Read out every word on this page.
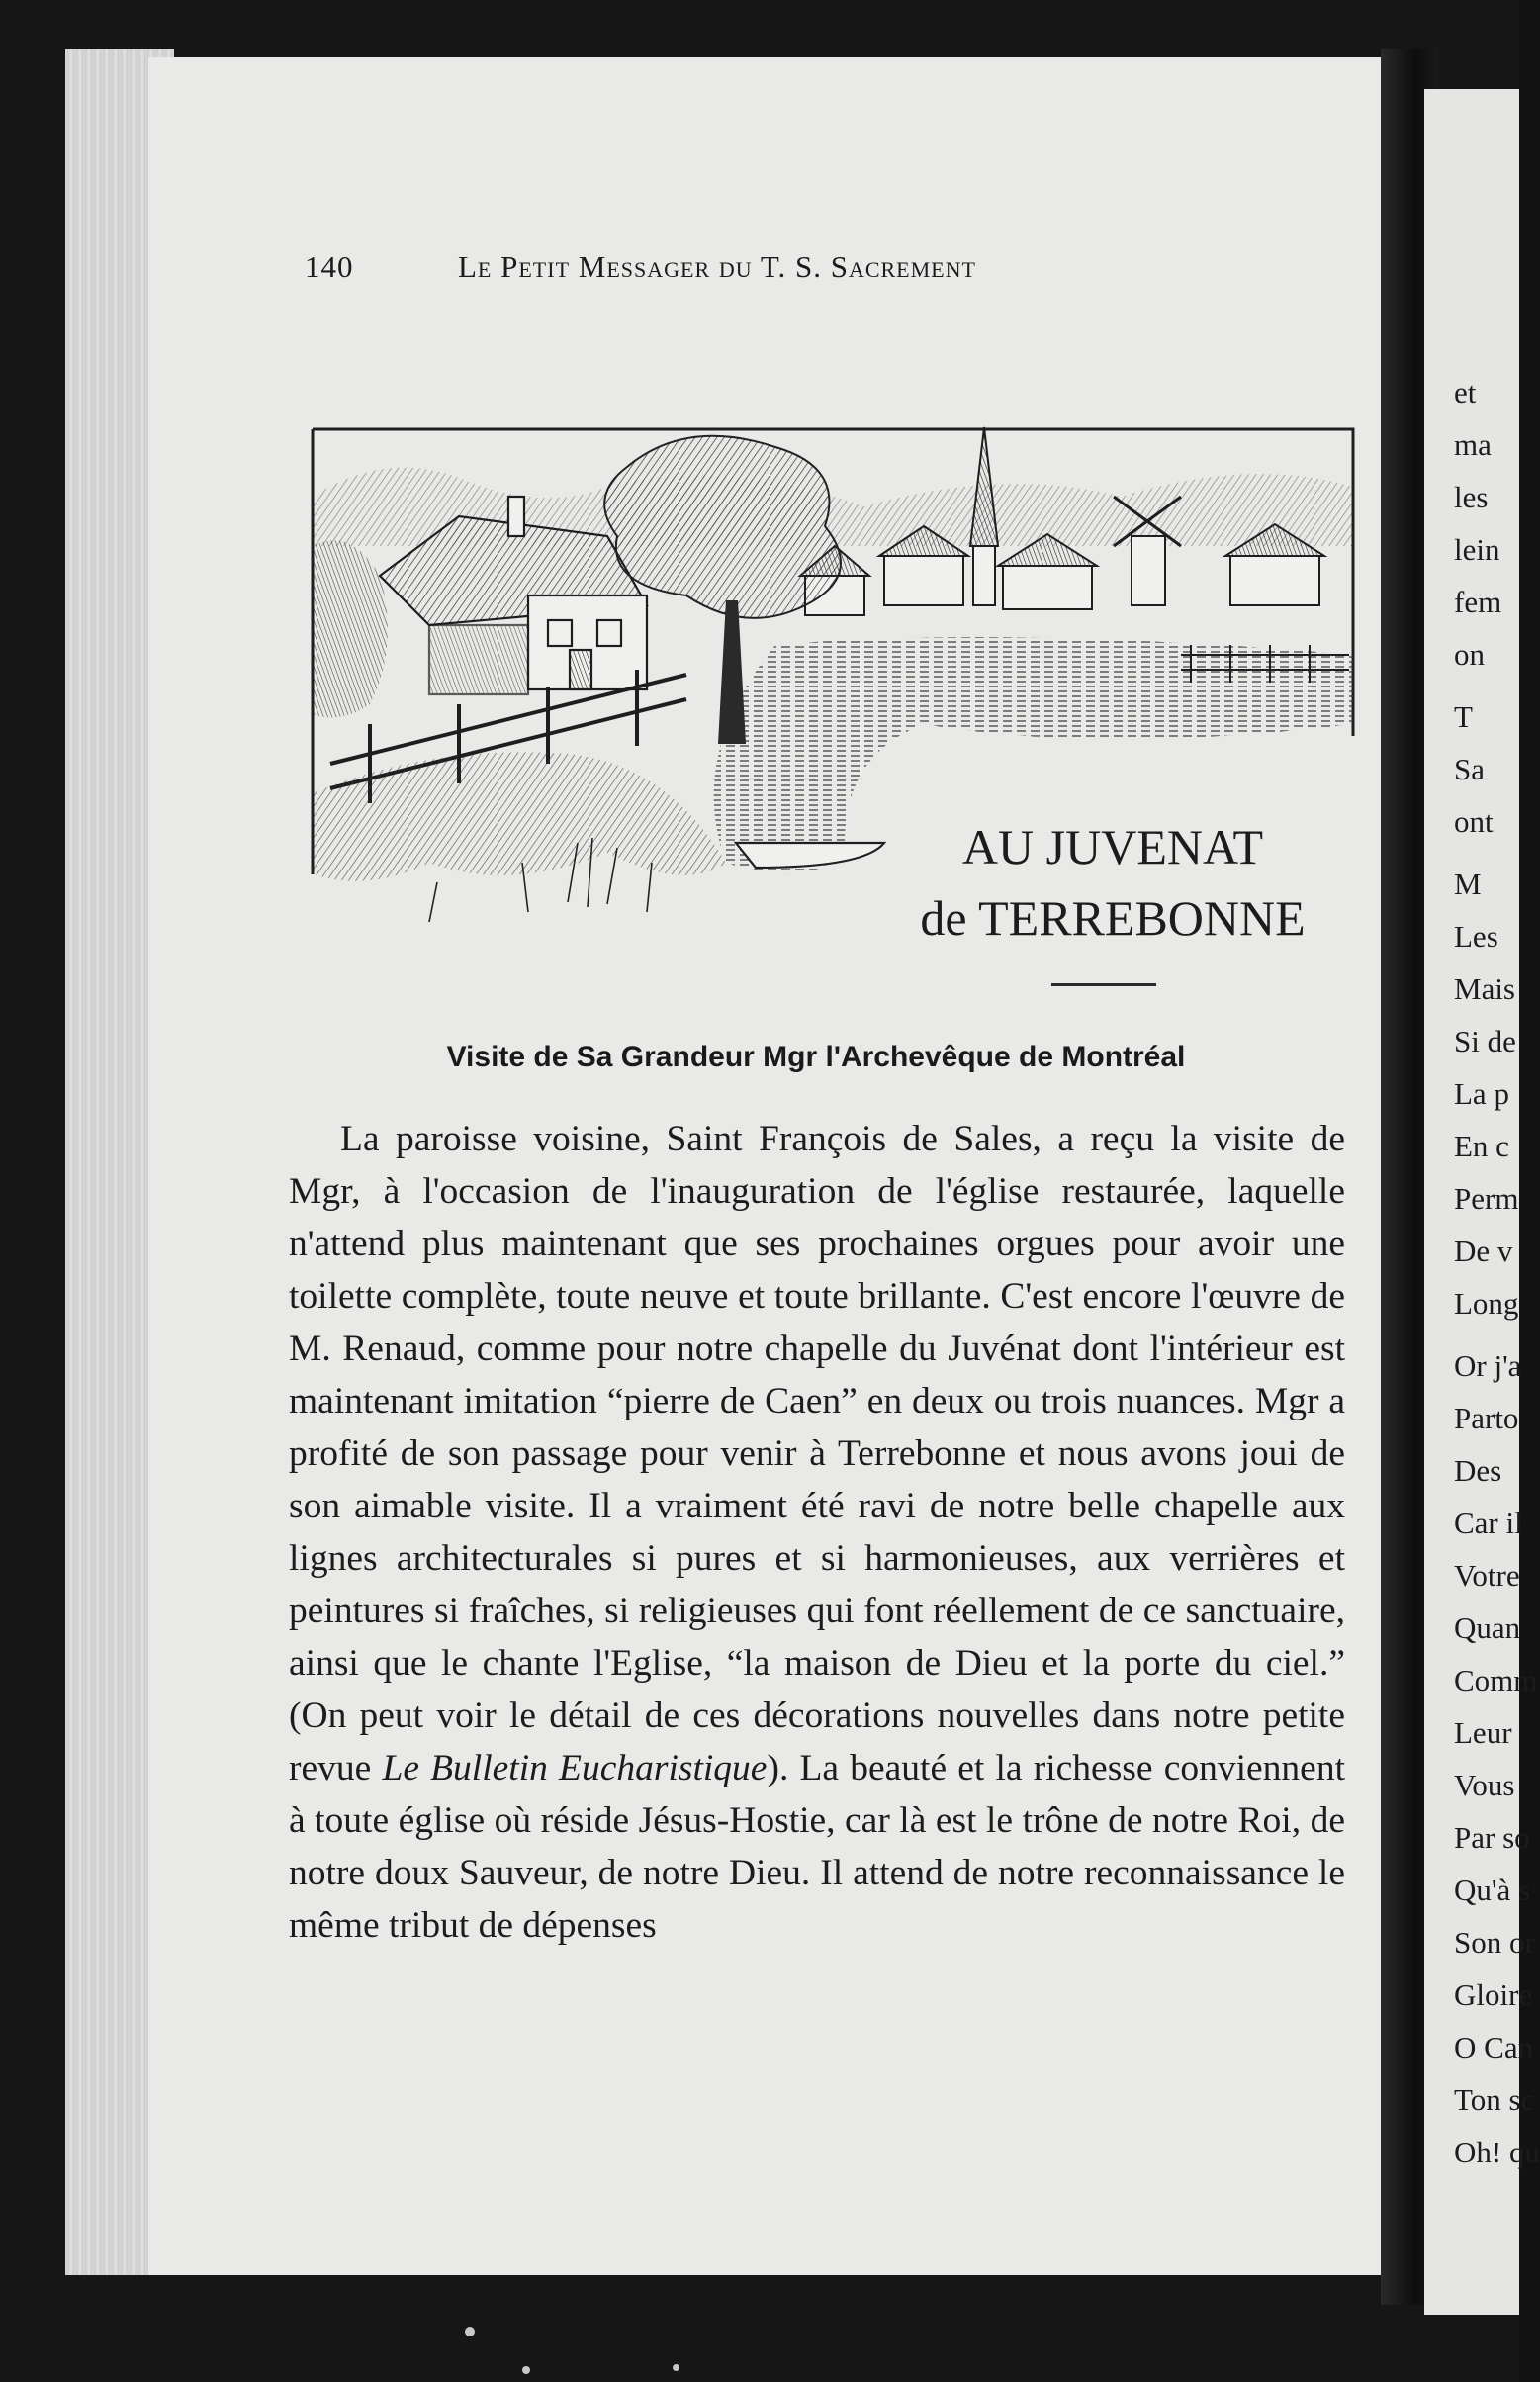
140	Le Petit Messager du T. S. Sacrement
AU JUVENAT
de TERREBONNE
Visite de Sa Grandeur Mgr l'Archevêque de Montréal

La paroisse voisine, Saint François de Sales, a reçu la visite de Mgr, à l'occasion de l'inauguration de l'église restaurée, laquelle n'attend plus maintenant que ses prochaines orgues pour avoir une toilette complète, toute neuve et toute brillante. C'est encore l'œuvre de M. Renaud, comme pour notre chapelle du Juvénat dont l'intérieur est maintenant imitation “pierre de Caen” en deux ou trois nuances. Mgr a profité de son passage pour venir à Terrebonne et nous avons joui de son aimable visite. Il a vraiment été ravi de notre belle chapelle aux lignes architecturales si pures et si harmonieuses, aux verrières et peintures si fraîches, si religieuses qui font réellement de ce sanctuaire, ainsi que le chante l'Eglise, “la maison de Dieu et la porte du ciel.” (On peut voir le détail de ces décorations nouvelles dans notre petite revue Le Bulletin Eucharistique). La beauté et la richesse conviennent à toute église où réside Jésus-Hostie, car là est le trône de notre Roi, de notre doux Sauveur, de notre Dieu. Il attend de notre reconnaissance le même tribut de dépenses

et
ma
les
lein
fem
on
T
Sa
ont
M
Les
Mais
Si de
La p
En c
Perm
De v
Long
Or j'a
Parto
Des
Car il
Votre
Quan
Comm
Leur
Vous
Par so
Qu'à s
Son or
Gloire
O Can
Ton sc
Oh! qu
